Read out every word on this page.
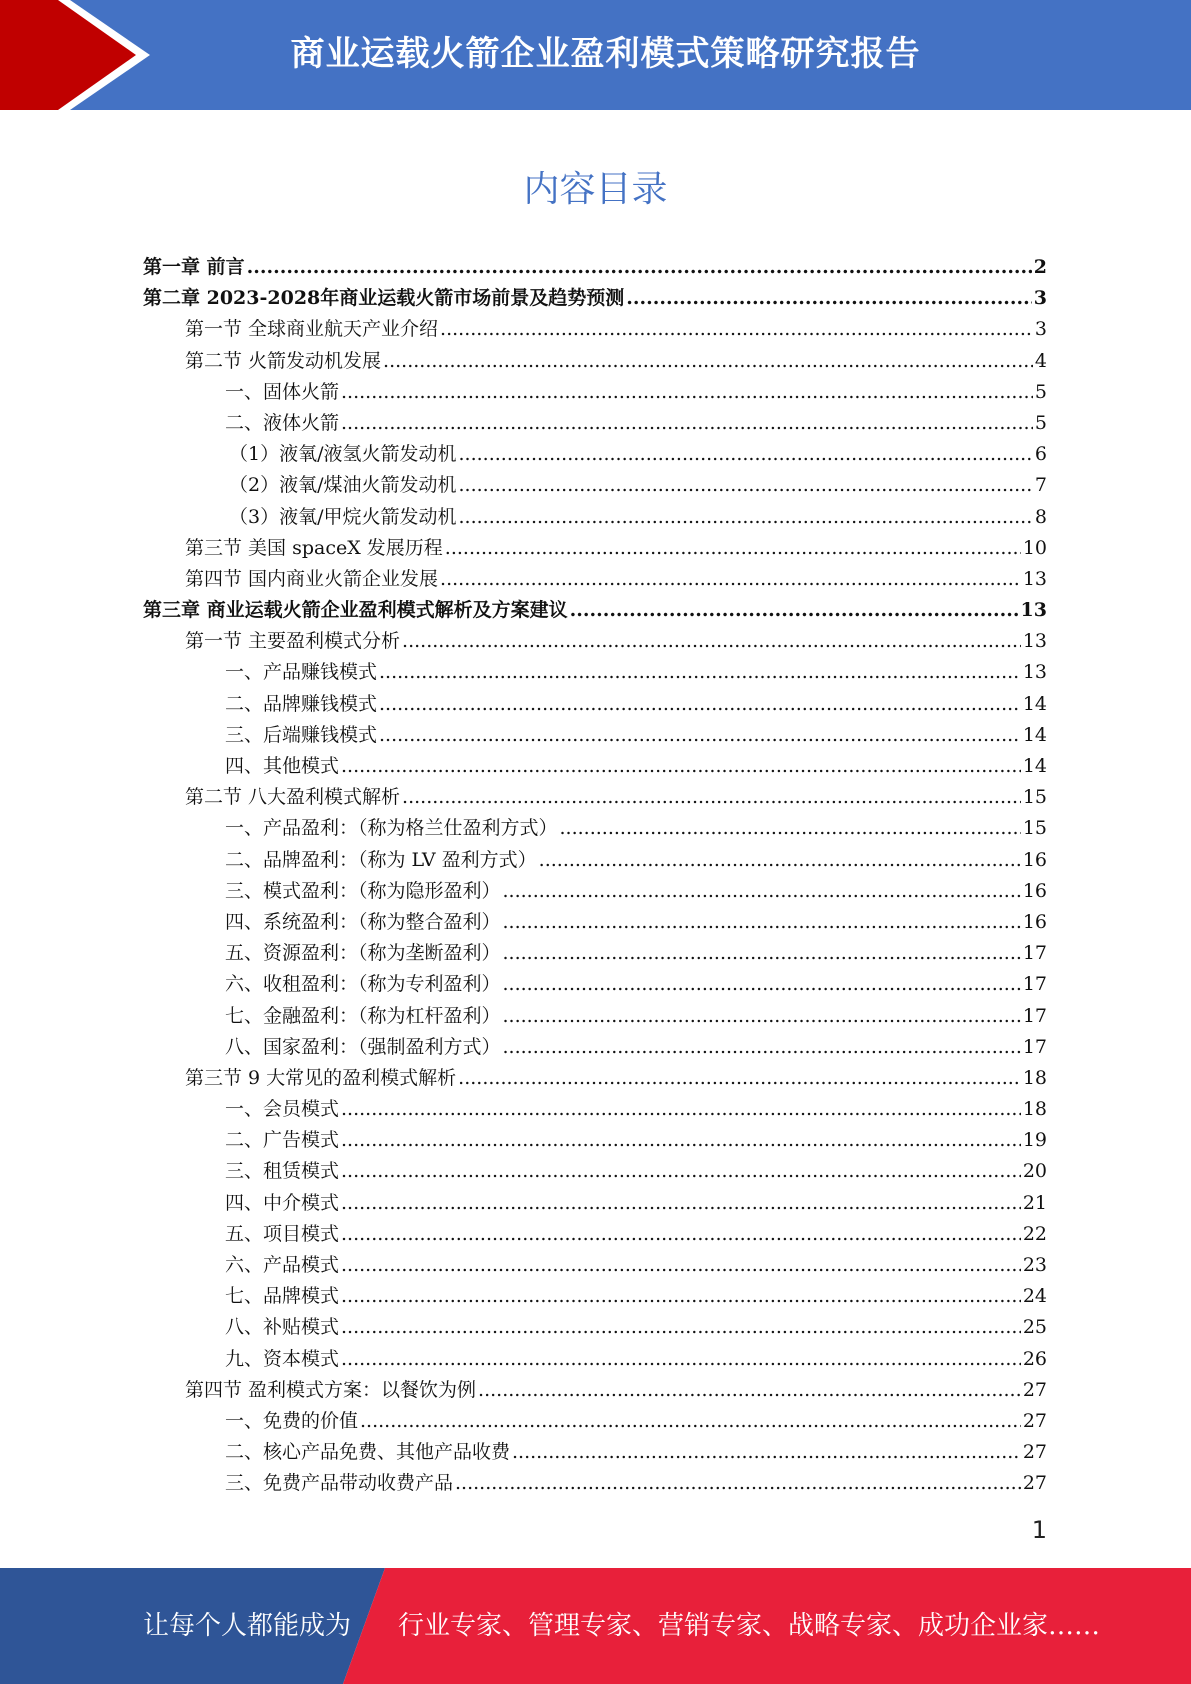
商业运载火箭企业盈利模式策略研究报告
内容目录
第一章 前言 .....	2
第二章 2023-2028年商业运载火箭市场前景及趋势预测 .....	3
第一节 全球商业航天产业介绍 .....	3
第二节 火箭发动机发展 .....	4
一、固体火箭 .....	5
二、液体火箭 .....	5
（1）液氧/液氢火箭发动机 .....	6
（2）液氧/煤油火箭发动机 .....	7
（3）液氧/甲烷火箭发动机 .....	8
第三节 美国 spaceX 发展历程 .....	10
第四节 国内商业火箭企业发展 .....	13
第三章 商业运载火箭企业盈利模式解析及方案建议 .....	13
第一节 主要盈利模式分析 .....	13
一、产品赚钱模式 .....	13
二、品牌赚钱模式 .....	14
三、后端赚钱模式 .....	14
四、其他模式 .....	14
第二节 八大盈利模式解析 .....	15
一、产品盈利：（称为格兰仕盈利方式） .....	15
二、品牌盈利：（称为 LV 盈利方式） .....	16
三、模式盈利：（称为隐形盈利） .....	16
四、系统盈利：（称为整合盈利） .....	16
五、资源盈利：（称为垄断盈利） .....	17
六、收租盈利：（称为专利盈利） .....	17
七、金融盈利：（称为杠杆盈利） .....	17
八、国家盈利：（强制盈利方式） .....	17
第三节 9 大常见的盈利模式解析 .....	18
一、会员模式 .....	18
二、广告模式 .....	19
三、租赁模式 .....	20
四、中介模式 .....	21
五、项目模式 .....	22
六、产品模式 .....	23
七、品牌模式 .....	24
八、补贴模式 .....	25
九、资本模式 .....	26
第四节 盈利模式方案：以餐饮为例 .....	27
一、免费的价值 .....	27
二、核心产品免费、其他产品收费 .....	27
三、免费产品带动收费产品 .....	27
1
让每个人都能成为 行业专家、管理专家、营销专家、战略专家、成功企业家……
